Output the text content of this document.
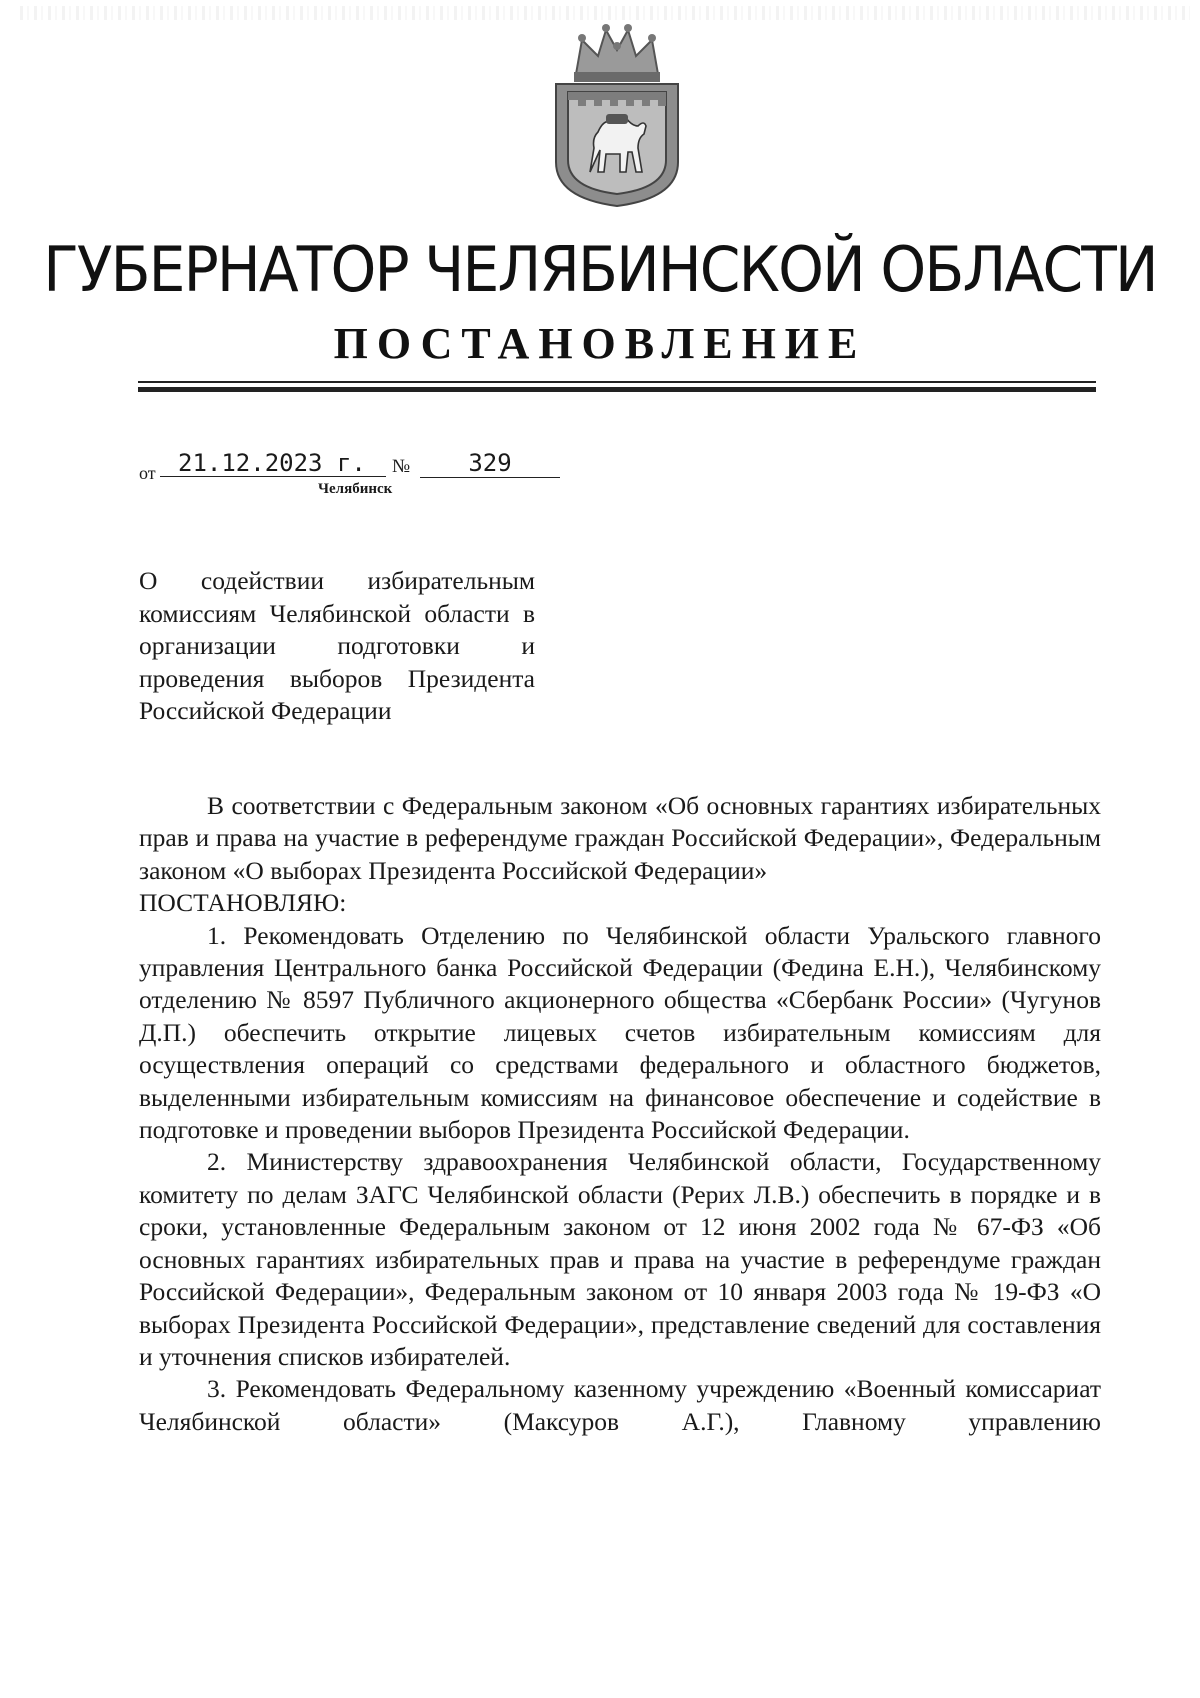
ГУБЕРНАТОР ЧЕЛЯБИНСКОЙ ОБЛАСТИ
ПОСТАНОВЛЕНИЕ
от 21.12.2023 г.	№	329
Челябинск
О содействии избирательным комиссиям Челябинской области в организации подготовки и проведения выборов Президента Российской Федерации

В соответствии с Федеральным законом «Об основных гарантиях избирательных прав и права на участие в референдуме граждан Российской Федерации», Федеральным законом «О выборах Президента Российской Федерации»

ПОСТАНОВЛЯЮ:

1. Рекомендовать Отделению по Челябинской области Уральского главного управления Центрального банка Российской Федерации (Федина Е.Н.), Челябинскому отделению № 8597 Публичного акционерного общества «Сбербанк России» (Чугунов Д.П.) обеспечить открытие лицевых счетов избирательным комиссиям для осуществления операций со средствами федерального и областного бюджетов, выделенными избирательным комиссиям на финансовое обеспечение и содействие в подготовке и проведении выборов Президента Российской Федерации.

2. Министерству здравоохранения Челябинской области, Государственному комитету по делам ЗАГС Челябинской области (Рерих Л.В.) обеспечить в порядке и в сроки, установленные Федеральным законом от 12 июня 2002 года № 67-ФЗ «Об основных гарантиях избирательных прав и права на участие в референдуме граждан Российской Федерации», Федеральным законом от 10 января 2003 года № 19-ФЗ «О выборах Президента Российской Федерации», представление сведений для составления и уточнения списков избирателей.

3. Рекомендовать Федеральному казенному учреждению «Военный комиссариат Челябинской области» (Максуров А.Г.), Главному управлению
